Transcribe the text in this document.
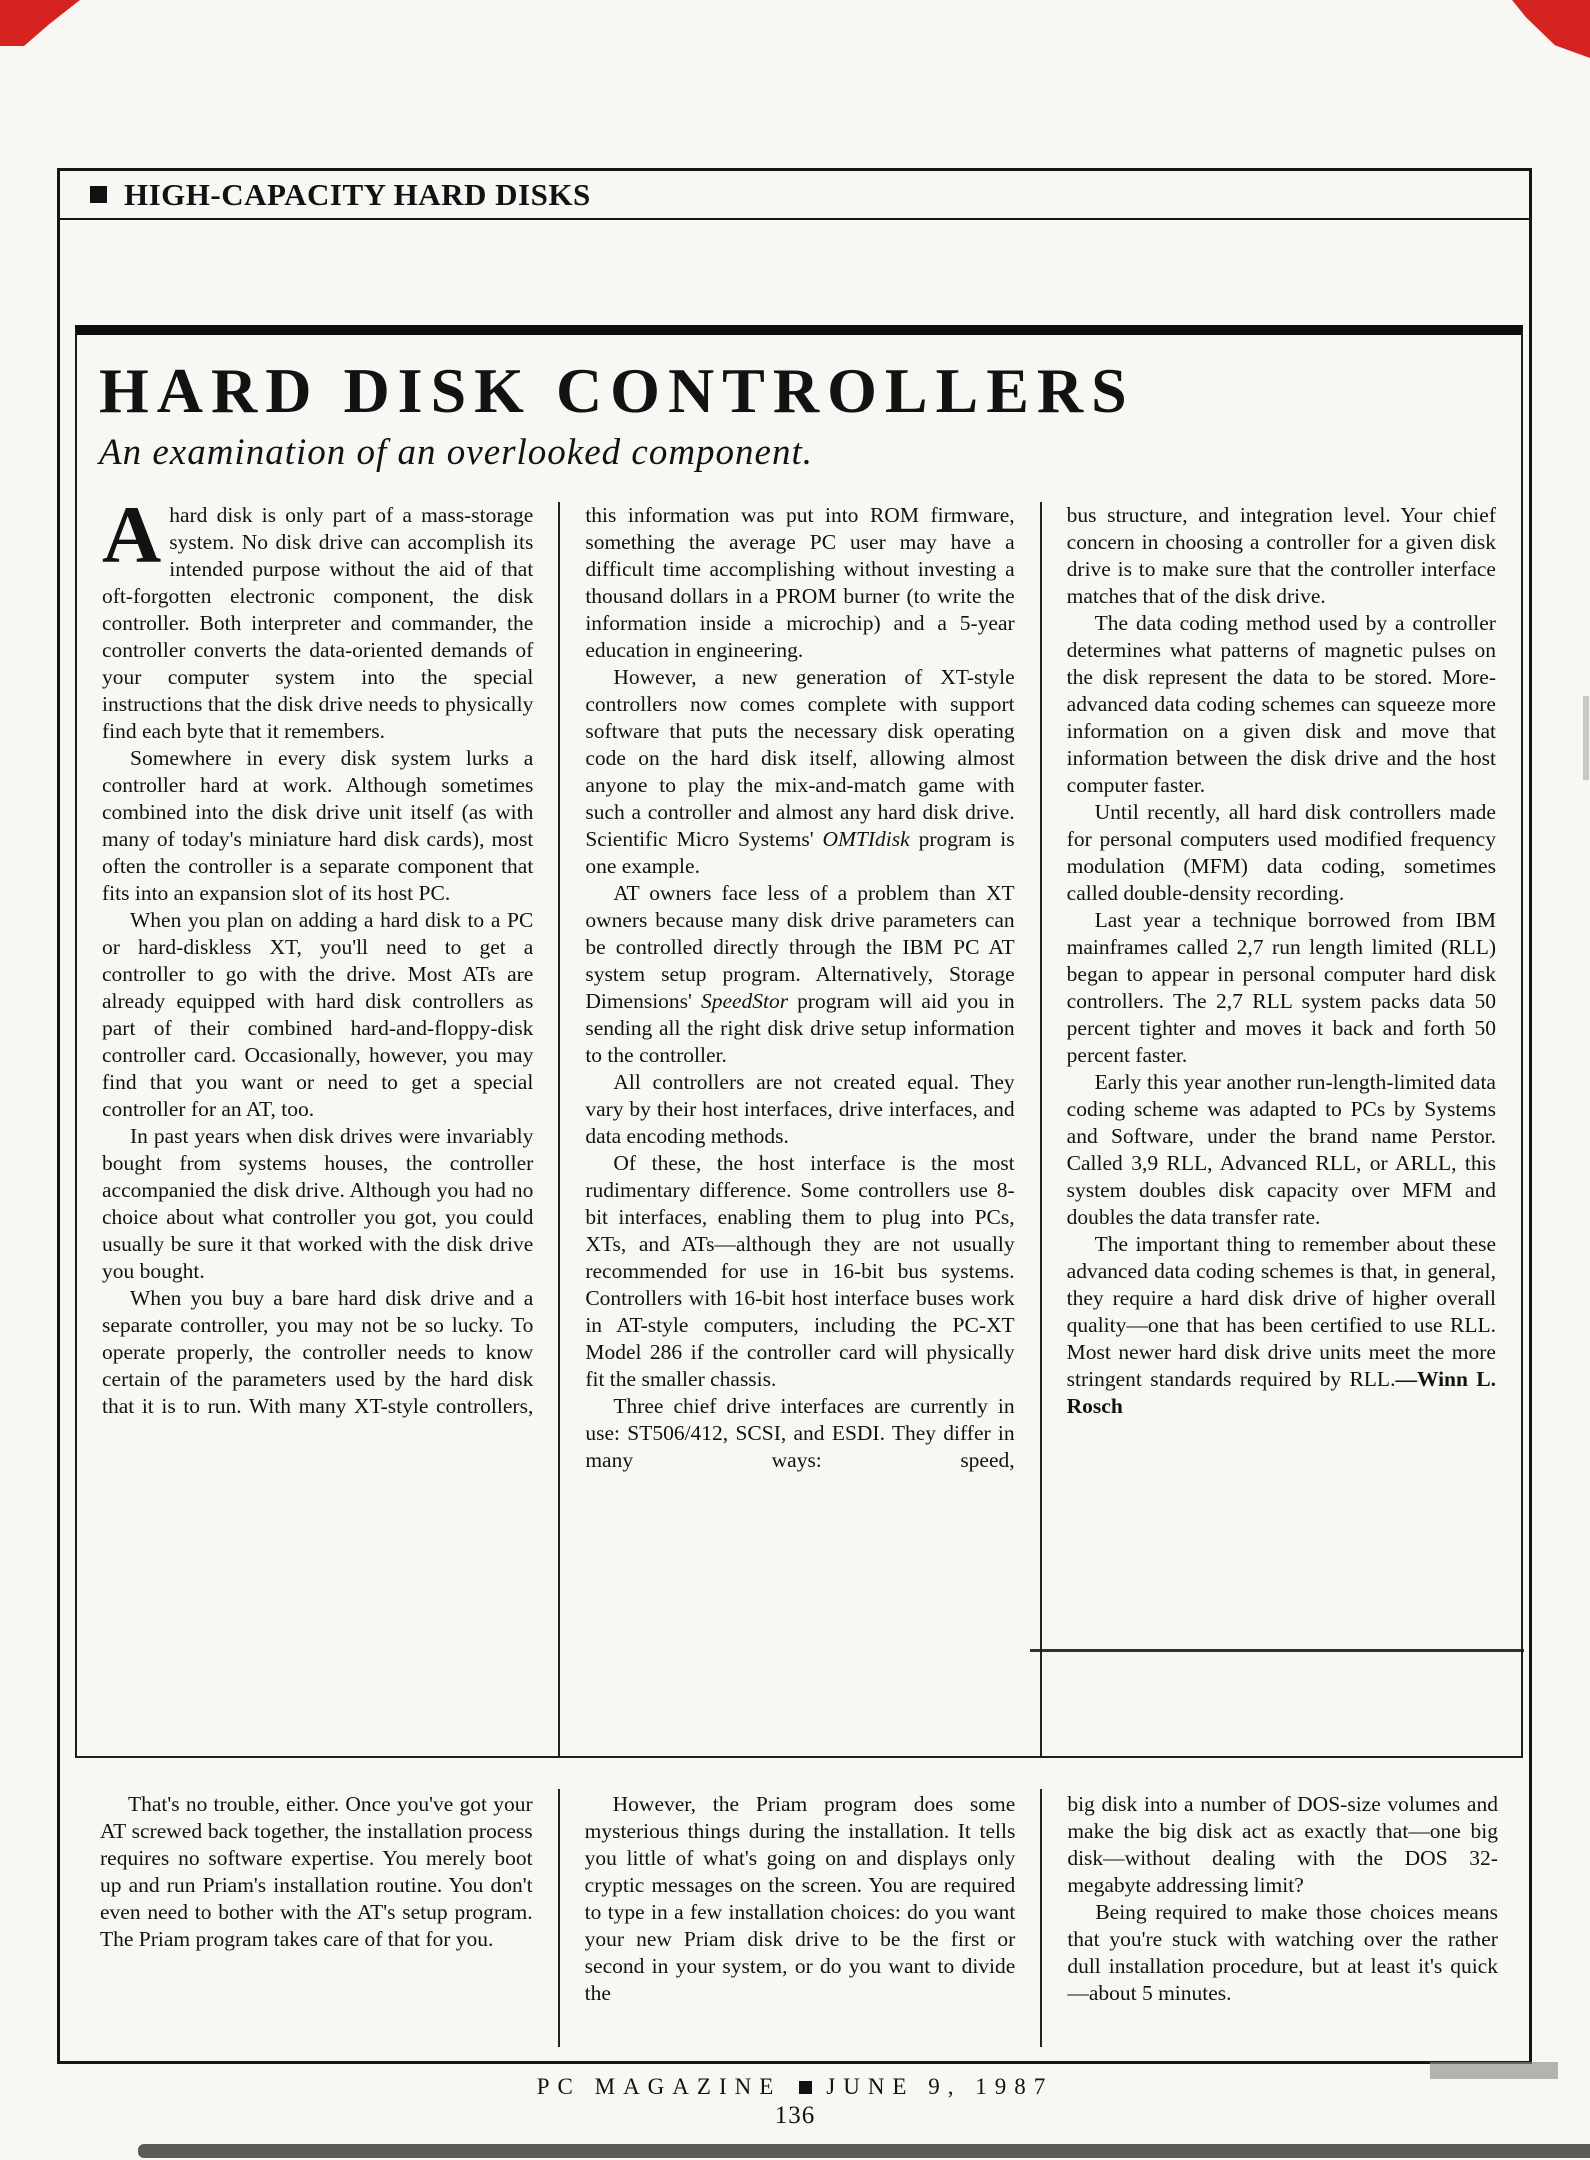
HIGH-CAPACITY HARD DISKS
HARD DISK CONTROLLERS
An examination of an overlooked component.

Ahard disk is only part of a mass-storage system. No disk drive can accomplish its intended purpose without the aid of that oft-forgotten electronic component, the disk controller. Both interpreter and commander, the controller converts the data-oriented demands of your computer system into the special instructions that the disk drive needs to physically find each byte that it remembers.

Somewhere in every disk system lurks a controller hard at work. Although sometimes combined into the disk drive unit itself (as with many of today's miniature hard disk cards), most often the controller is a separate component that fits into an expansion slot of its host PC.

When you plan on adding a hard disk to a PC or hard-diskless XT, you'll need to get a controller to go with the drive. Most ATs are already equipped with hard disk controllers as part of their combined hard-and-floppy-disk controller card. Occasionally, however, you may find that you want or need to get a special controller for an AT, too.

In past years when disk drives were invariably bought from systems houses, the controller accompanied the disk drive. Although you had no choice about what controller you got, you could usually be sure it that worked with the disk drive you bought.

When you buy a bare hard disk drive and a separate controller, you may not be so lucky. To operate properly, the controller needs to know certain of the parameters used by the hard disk that it is to run. With many XT-style controllers,

this information was put into ROM firmware, something the average PC user may have a difficult time accomplishing without investing a thousand dollars in a PROM burner (to write the information inside a microchip) and a 5-year education in engineering.

However, a new generation of XT-style controllers now comes complete with support software that puts the necessary disk operating code on the hard disk itself, allowing almost anyone to play the mix-and-match game with such a controller and almost any hard disk drive. Scientific Micro Systems' OMTIdisk program is one example.

AT owners face less of a problem than XT owners because many disk drive parameters can be controlled directly through the IBM PC AT system setup program. Alternatively, Storage Dimensions' SpeedStor program will aid you in sending all the right disk drive setup information to the controller.

All controllers are not created equal. They vary by their host interfaces, drive interfaces, and data encoding methods.

Of these, the host interface is the most rudimentary difference. Some controllers use 8-bit interfaces, enabling them to plug into PCs, XTs, and ATs—although they are not usually recommended for use in 16-bit bus systems. Controllers with 16-bit host interface buses work in AT-style computers, including the PC-XT Model 286 if the controller card will physically fit the smaller chassis.

Three chief drive interfaces are currently in use: ST506/412, SCSI, and ESDI. They differ in many ways: speed,

bus structure, and integration level. Your chief concern in choosing a controller for a given disk drive is to make sure that the controller interface matches that of the disk drive.

The data coding method used by a controller determines what patterns of magnetic pulses on the disk represent the data to be stored. More-advanced data coding schemes can squeeze more information on a given disk and move that information between the disk drive and the host computer faster.

Until recently, all hard disk controllers made for personal computers used modified frequency modulation (MFM) data coding, sometimes called double-density recording.

Last year a technique borrowed from IBM mainframes called 2,7 run length limited (RLL) began to appear in personal computer hard disk controllers. The 2,7 RLL system packs data 50 percent tighter and moves it back and forth 50 percent faster.

Early this year another run-length-limited data coding scheme was adapted to PCs by Systems and Software, under the brand name Perstor. Called 3,9 RLL, Advanced RLL, or ARLL, this system doubles disk capacity over MFM and doubles the data transfer rate.

The important thing to remember about these advanced data coding schemes is that, in general, they require a hard disk drive of higher overall quality—one that has been certified to use RLL. Most newer hard disk drive units meet the more stringent standards required by RLL.—Winn L. Rosch

That's no trouble, either. Once you've got your AT screwed back together, the installation process requires no software expertise. You merely boot up and run Priam's installation routine. You don't even need to bother with the AT's setup program. The Priam program takes care of that for you.

However, the Priam program does some mysterious things during the installation. It tells you little of what's going on and displays only cryptic messages on the screen. You are required to type in a few installation choices: do you want your new Priam disk drive to be the first or second in your system, or do you want to divide the

big disk into a number of DOS-size volumes and make the big disk act as exactly that—one big disk—without dealing with the DOS 32-megabyte addressing limit?

Being required to make those choices means that you're stuck with watching over the rather dull installation procedure, but at least it's quick—about 5 minutes.

PC MAGAZINE JUNE 9, 1987
136
